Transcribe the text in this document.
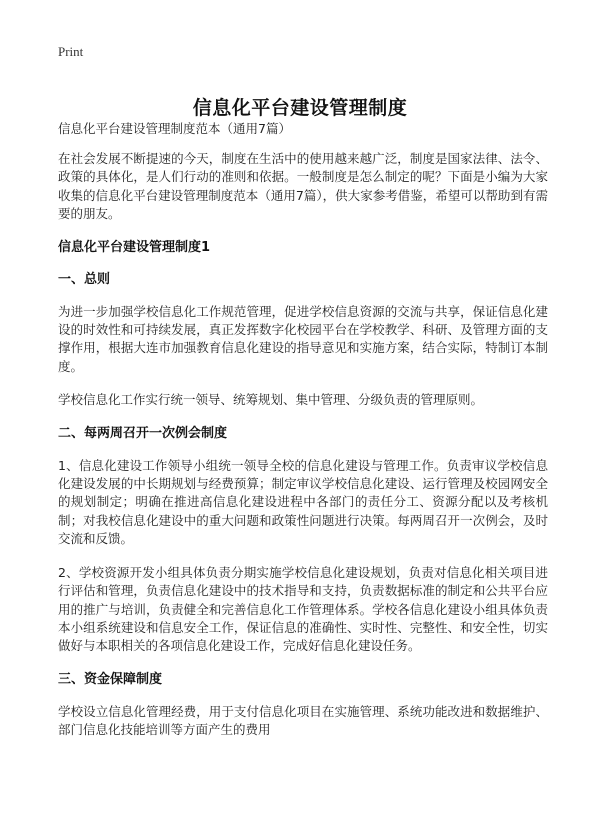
Print
信息化平台建设管理制度
信息化平台建设管理制度范本（通用7篇）

在社会发展不断提速的今天，制度在生活中的使用越来越广泛，制度是国家法律、法令、政策的具体化，是人们行动的准则和依据。一般制度是怎么制定的呢？下面是小编为大家收集的信息化平台建设管理制度范本（通用7篇），供大家参考借鉴，希望可以帮助到有需要的朋友。

信息化平台建设管理制度1
一、总则

为进一步加强学校信息化工作规范管理，促进学校信息资源的交流与共享，保证信息化建设的时效性和可持续发展，真正发挥数字化校园平台在学校教学、科研、及管理方面的支撑作用，根据大连市加强教育信息化建设的指导意见和实施方案，结合实际，特制订本制度。

学校信息化工作实行统一领导、统筹规划、集中管理、分级负责的管理原则。

二、每两周召开一次例会制度

1、信息化建设工作领导小组统一领导全校的信息化建设与管理工作。负责审议学校信息化建设发展的中长期规划与经费预算；制定审议学校信息化建设、运行管理及校园网安全的规划制定；明确在推进高信息化建设进程中各部门的责任分工、资源分配以及考核机制；对我校信息化建设中的重大问题和政策性问题进行决策。每两周召开一次例会，及时交流和反馈。

2、学校资源开发小组具体负责分期实施学校信息化建设规划，负责对信息化相关项目进行评估和管理，负责信息化建设中的技术指导和支持，负责数据标准的制定和公共平台应用的推广与培训，负责健全和完善信息化工作管理体系。学校各信息化建设小组具体负责本小组系统建设和信息安全工作，保证信息的准确性、实时性、完整性、和安全性，切实做好与本职相关的各项信息化建设工作，完成好信息化建设任务。

三、资金保障制度

学校设立信息化管理经费，用于支付信息化项目在实施管理、系统功能改进和数据维护、部门信息化技能培训等方面产生的费用
